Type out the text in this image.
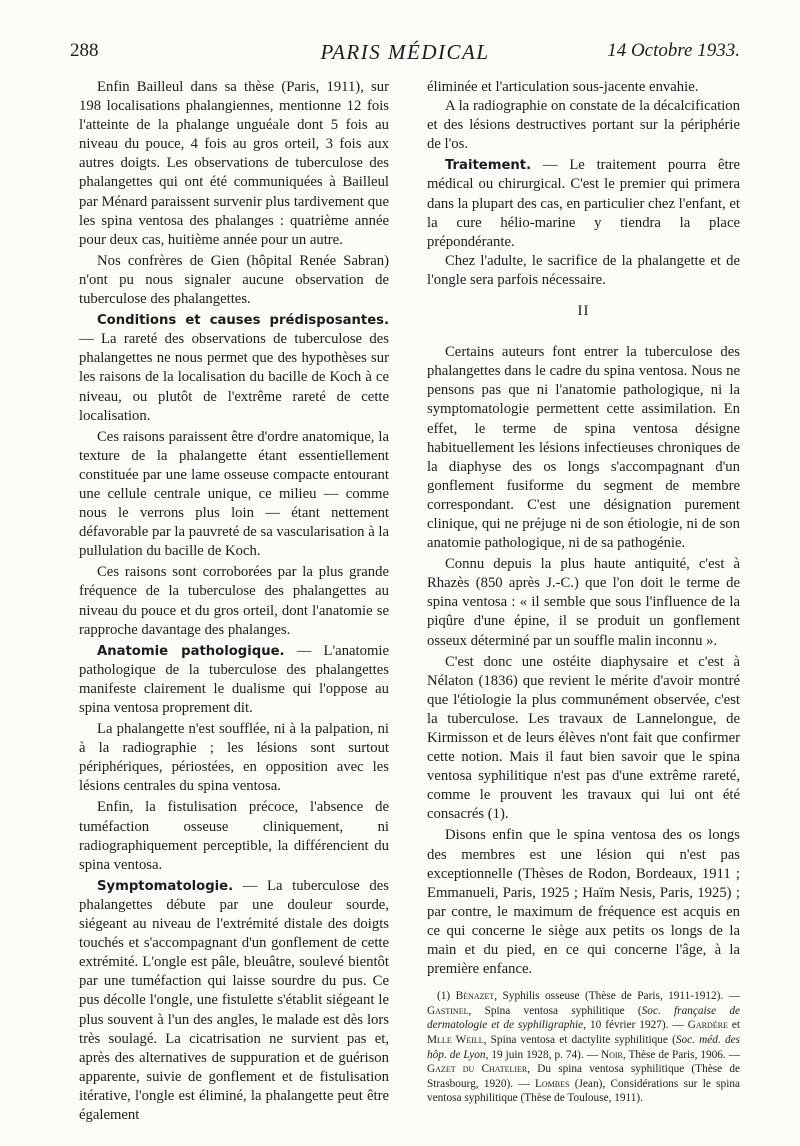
288	PARIS MÉDICAL	14 Octobre 1933.

Enfin Bailleul dans sa thèse (Paris, 1911), sur 198 localisations phalangiennes, mentionne 12 fois l'atteinte de la phalange unguéale dont 5 fois au niveau du pouce, 4 fois au gros orteil, 3 fois aux autres doigts. Les observations de tuberculose des phalangettes qui ont été communiquées à Bailleul par Ménard paraissent survenir plus tardivement que les spina ventosa des phalanges : quatrième année pour deux cas, huitième année pour un autre.

Nos confrères de Gien (hôpital Renée Sabran) n'ont pu nous signaler aucune observation de tuberculose des phalangettes.

Conditions et causes prédisposantes. — La rareté des observations de tuberculose des phalangettes ne nous permet que des hypothèses sur les raisons de la localisation du bacille de Koch à ce niveau, ou plutôt de l'extrême rareté de cette localisation.

Ces raisons paraissent être d'ordre anatomique, la texture de la phalangette étant essentiellement constituée par une lame osseuse compacte entourant une cellule centrale unique, ce milieu — comme nous le verrons plus loin — étant nettement défavorable par la pauvreté de sa vascularisation à la pullulation du bacille de Koch.

Ces raisons sont corroborées par la plus grande fréquence de la tuberculose des phalangettes au niveau du pouce et du gros orteil, dont l'anatomie se rapproche davantage des phalanges.

Anatomie pathologique. — L'anatomie pathologique de la tuberculose des phalangettes manifeste clairement le dualisme qui l'oppose au spina ventosa proprement dit.

La phalangette n'est soufflée, ni à la palpation, ni à la radiographie ; les lésions sont surtout périphériques, périostées, en opposition avec les lésions centrales du spina ventosa.

Enfin, la fistulisation précoce, l'absence de tuméfaction osseuse cliniquement, ni radiographiquement perceptible, la différencient du spina ventosa.

Symptomatologie. — La tuberculose des phalangettes débute par une douleur sourde, siégeant au niveau de l'extrémité distale des doigts touchés et s'accompagnant d'un gonflement de cette extrémité. L'ongle est pâle, bleuâtre, soulevé bientôt par une tuméfaction qui laisse sourdre du pus. Ce pus décolle l'ongle, une fistulette s'établit siégeant le plus souvent à l'un des angles, le malade est dès lors très soulagé. La cicatrisation ne survient pas et, après des alternatives de suppuration et de guérison apparente, suivie de gonflement et de fistulisation itérative, l'ongle est éliminé, la phalangette peut être également

éliminée et l'articulation sous-jacente envahie.

A la radiographie on constate de la décalcification et des lésions destructives portant sur la périphérie de l'os.

Traitement. — Le traitement pourra être médical ou chirurgical. C'est le premier qui primera dans la plupart des cas, en particulier chez l'enfant, et la cure hélio-marine y tiendra la place prépondérante.

Chez l'adulte, le sacrifice de la phalangette et de l'ongle sera parfois nécessaire.

II

Certains auteurs font entrer la tuberculose des phalangettes dans le cadre du spina ventosa. Nous ne pensons pas que ni l'anatomie pathologique, ni la symptomatologie permettent cette assimilation. En effet, le terme de spina ventosa désigne habituellement les lésions infectieuses chroniques de la diaphyse des os longs s'accompagnant d'un gonflement fusiforme du segment de membre correspondant. C'est une désignation purement clinique, qui ne préjuge ni de son étiologie, ni de son anatomie pathologique, ni de sa pathogénie.

Connu depuis la plus haute antiquité, c'est à Rhazès (850 après J.-C.) que l'on doit le terme de spina ventosa : « il semble que sous l'influence de la piqûre d'une épine, il se produit un gonflement osseux déterminé par un souffle malin inconnu ».

C'est donc une ostéite diaphysaire et c'est à Nélaton (1836) que revient le mérite d'avoir montré que l'étiologie la plus communément observée, c'est la tuberculose. Les travaux de Lannelongue, de Kirmisson et de leurs élèves n'ont fait que confirmer cette notion. Mais il faut bien savoir que le spina ventosa syphilitique n'est pas d'une extrême rareté, comme le prouvent les travaux qui lui ont été consacrés (1).

Disons enfin que le spina ventosa des os longs des membres est une lésion qui n'est pas exceptionnelle (Thèses de Rodon, Bordeaux, 1911 ; Emmanueli, Paris, 1925 ; Haïm Nesis, Paris, 1925) ; par contre, le maximum de fréquence est acquis en ce qui concerne le siège aux petits os longs de la main et du pied, en ce qui concerne l'âge, à la première enfance.

(1) Bénazet, Syphilis osseuse (Thèse de Paris, 1911-1912). — Gastinel, Spina ventosa syphilitique (Soc. française de dermatologie et de syphiligraphie, 10 février 1927). — Gardère et Mlle Weill, Spina ventosa et dactylite syphilitique (Soc. méd. des hôp. de Lyon, 19 juin 1928, p. 74). — Noir, Thèse de Paris, 1906. — Gazet du Chatelier, Du spina ventosa syphilitique (Thèse de Strasbourg, 1920). — Lombes (Jean), Considérations sur le spina ventosa syphilitique (Thèse de Toulouse, 1911).
